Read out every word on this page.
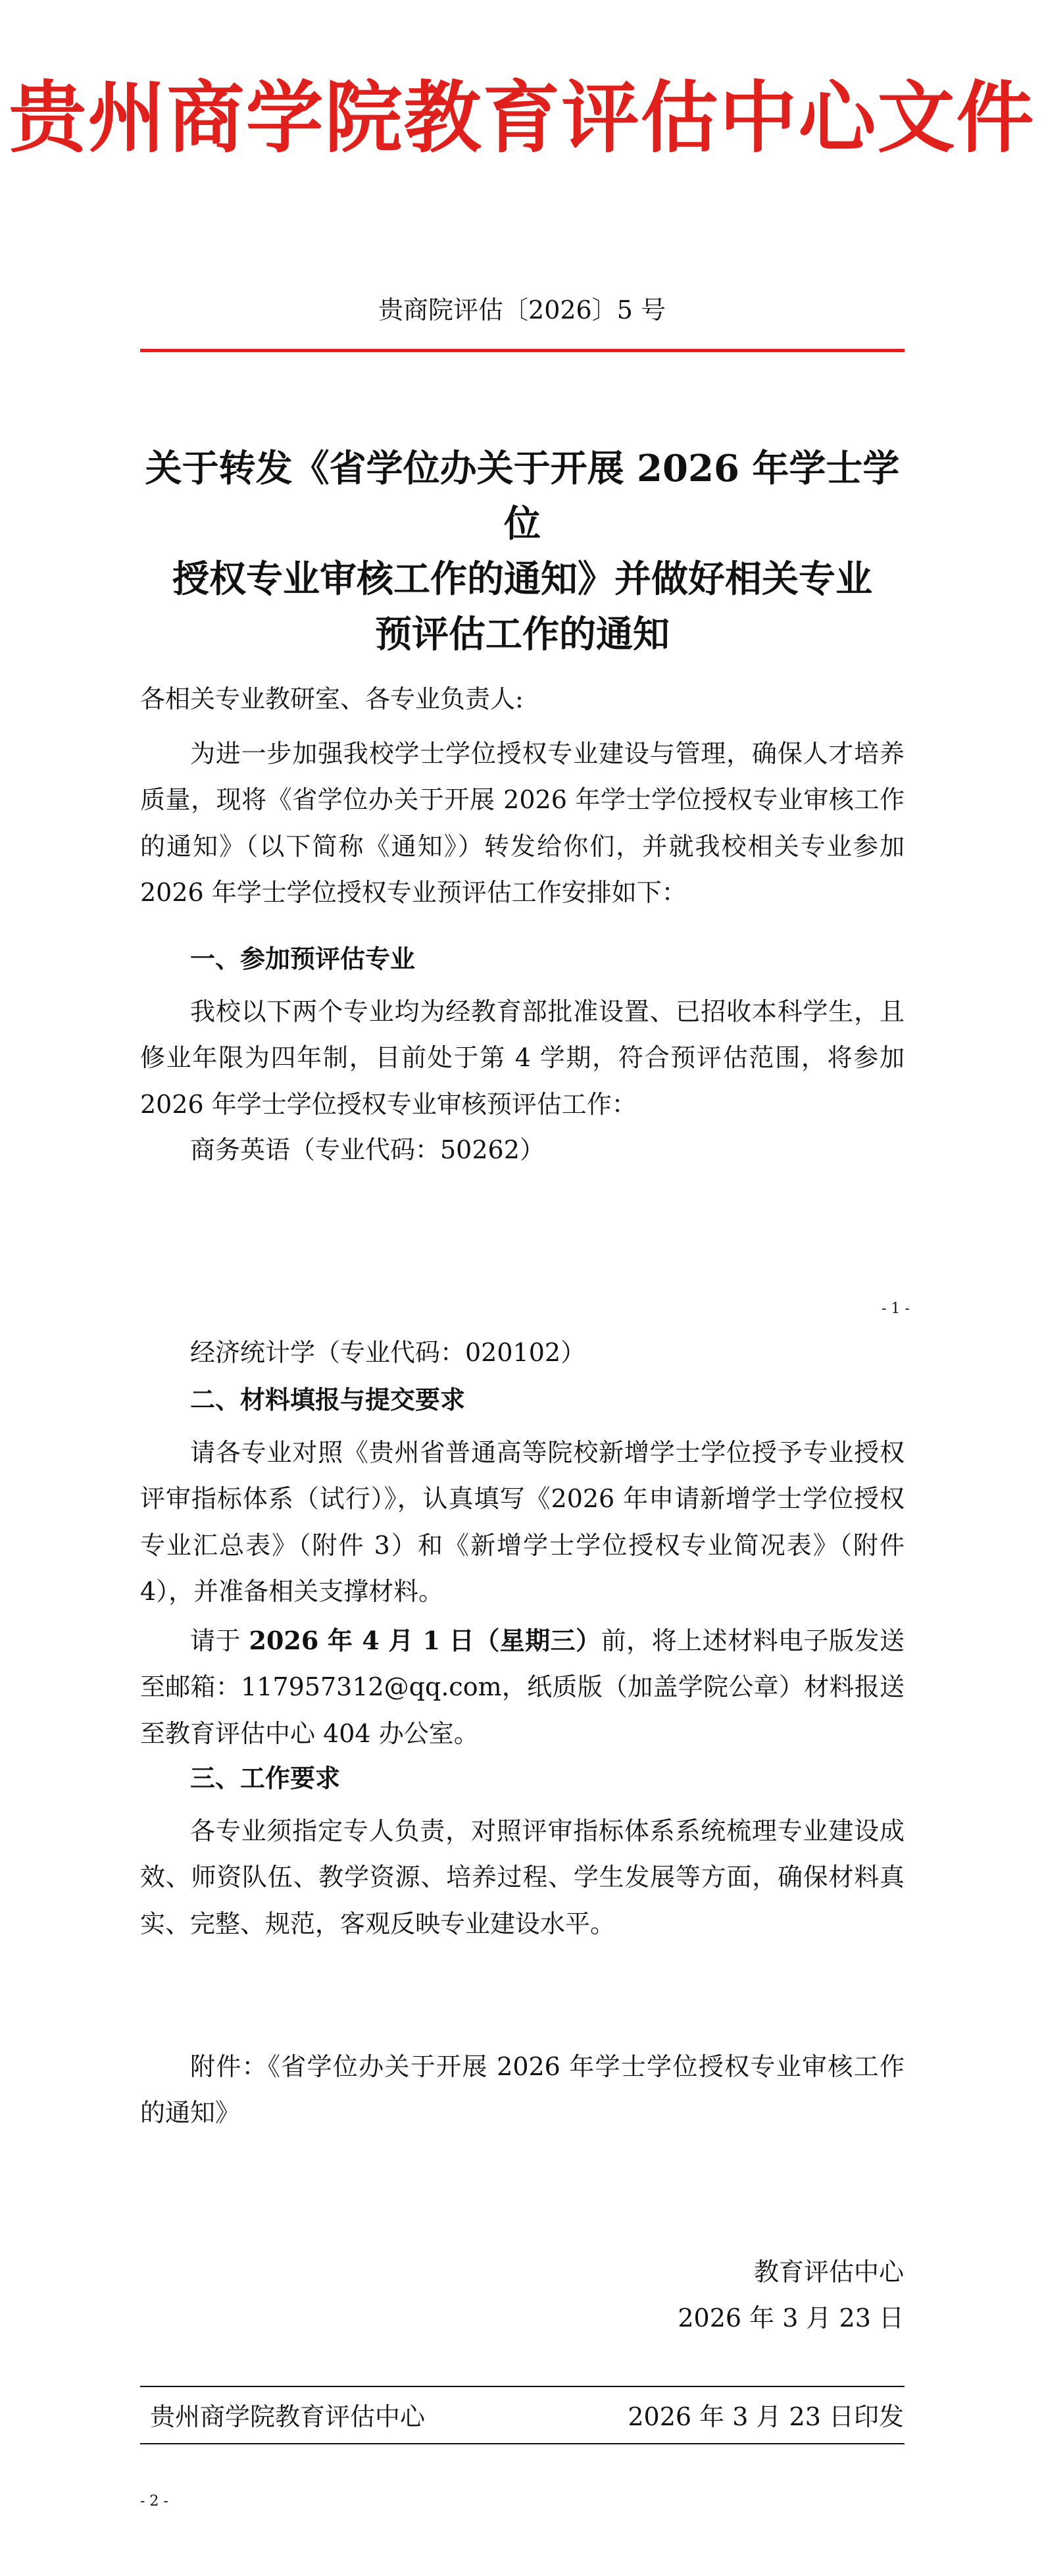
贵州商学院教育评估中心文件
贵商院评估〔2026〕5 号
关于转发《省学位办关于开展 2026 年学士学位
授权专业审核工作的通知》并做好相关专业
预评估工作的通知
各相关专业教研室、各专业负责人:
为进一步加强我校学士学位授权专业建设与管理，确保人才培养质量，现将《省学位办关于开展 2026 年学士学位授权专业审核工作的通知》（以下简称《通知》）转发给你们，并就我校相关专业参加 2026 年学士学位授权专业预评估工作安排如下：
一、参加预评估专业
我校以下两个专业均为经教育部批准设置、已招收本科学生，且修业年限为四年制，目前处于第 4 学期，符合预评估范围，将参加 2026 年学士学位授权专业审核预评估工作：
商务英语（专业代码：50262）
- 1 -
经济统计学（专业代码：020102）
二、材料填报与提交要求
请各专业对照《贵州省普通高等院校新增学士学位授予专业授权评审指标体系（试行）》，认真填写《2026 年申请新增学士学位授权专业汇总表》（附件 3）和《新增学士学位授权专业简况表》（附件 4），并准备相关支撑材料。
请于 2026 年 4 月 1 日（星期三）前，将上述材料电子版发送至邮箱：117957312@qq.com，纸质版（加盖学院公章）材料报送至教育评估中心 404 办公室。
三、工作要求
各专业须指定专人负责，对照评审指标体系系统梳理专业建设成效、师资队伍、教学资源、培养过程、学生发展等方面，确保材料真实、完整、规范，客观反映专业建设水平。
附件：《省学位办关于开展 2026 年学士学位授权专业审核工作的通知》
教育评估中心
2026 年 3 月 23 日
贵州商学院教育评估中心	2026 年 3 月 23 日印发
- 2 -
